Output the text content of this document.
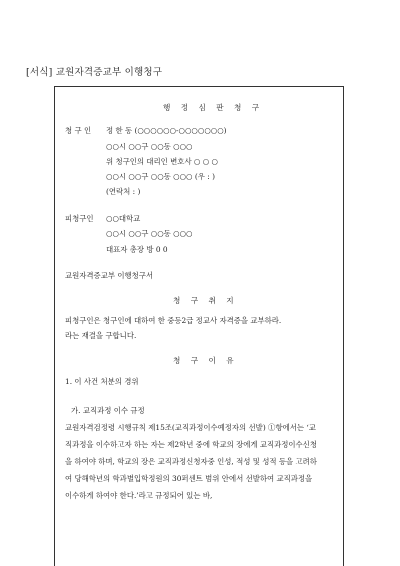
[서식] 교원자격증교부 이행청구
행 정 심 판 청 구
청 구 인 정 한 동 (○○○○○○-○○○○○○○)
○○시 ○○구 ○○동 ○○○
위 청구인의 대리인 변호사 ○ ○ ○
○○시 ○○구 ○○동 ○○○ (우 : )
(연락처 : )
피청구인 ○○대학교
○○시 ○○구 ○○동 ○○○
대표자 총장 방 0 0
교원자격증교부 이행청구서
청 구 취 지
피청구인은 청구인에 대하여 한 중등2급 정교사 자격증을 교부하라.
라는 재결을 구합니다.
청 구 이 유
1. 이 사건 처분의 경위
가. 교직과정 이수 규정
교원자격검정령 시행규칙 제15조(교직과정이수예정자의 선발) ①항에서는 ‘교
직과정을 이수하고자 하는 자는 제2학년 중에 학교의 장에게 교직과정이수신청
을 하여야 하며, 학교의 장은 교직과정신청자중 인성, 적성 및 성적 등을 고려하
여 당해학년의 학과별입학정원의 30퍼센트 범위 안에서 선발하여 교직과정을
이수하게 하여야 한다.’라고 규정되어 있는 바,
